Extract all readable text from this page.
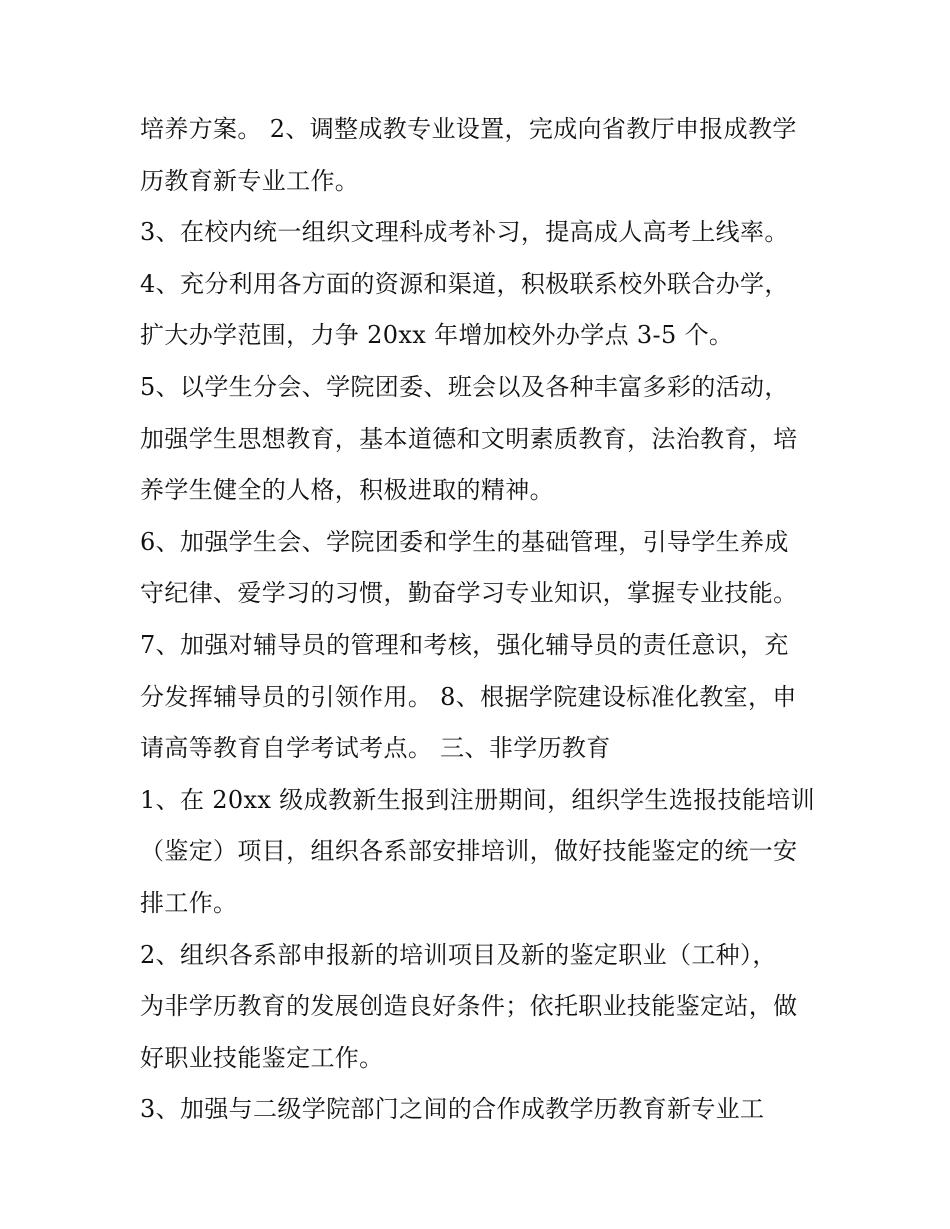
培养方案。 2、调整成教专业设置，完成向省教厅申报成教学
历教育新专业工作。
3、在校内统一组织文理科成考补习，提高成人高考上线率。
4、充分利用各方面的资源和渠道，积极联系校外联合办学，
扩大办学范围，力争 20xx 年增加校外办学点 3-5 个。
5、以学生分会、学院团委、班会以及各种丰富多彩的活动，
加强学生思想教育，基本道德和文明素质教育，法治教育，培
养学生健全的人格，积极进取的精神。
6、加强学生会、学院团委和学生的基础管理，引导学生养成
守纪律、爱学习的习惯，勤奋学习专业知识，掌握专业技能。
7、加强对辅导员的管理和考核，强化辅导员的责任意识，充
分发挥辅导员的引领作用。 8、根据学院建设标准化教室，申
请高等教育自学考试考点。 三、非学历教育
1、在 20xx 级成教新生报到注册期间，组织学生选报技能培训
（鉴定）项目，组织各系部安排培训，做好技能鉴定的统一安
排工作。
2、组织各系部申报新的培训项目及新的鉴定职业（工种），
为非学历教育的发展创造良好条件；依托职业技能鉴定站，做
好职业技能鉴定工作。
3、加强与二级学院部门之间的合作成教学历教育新专业工
